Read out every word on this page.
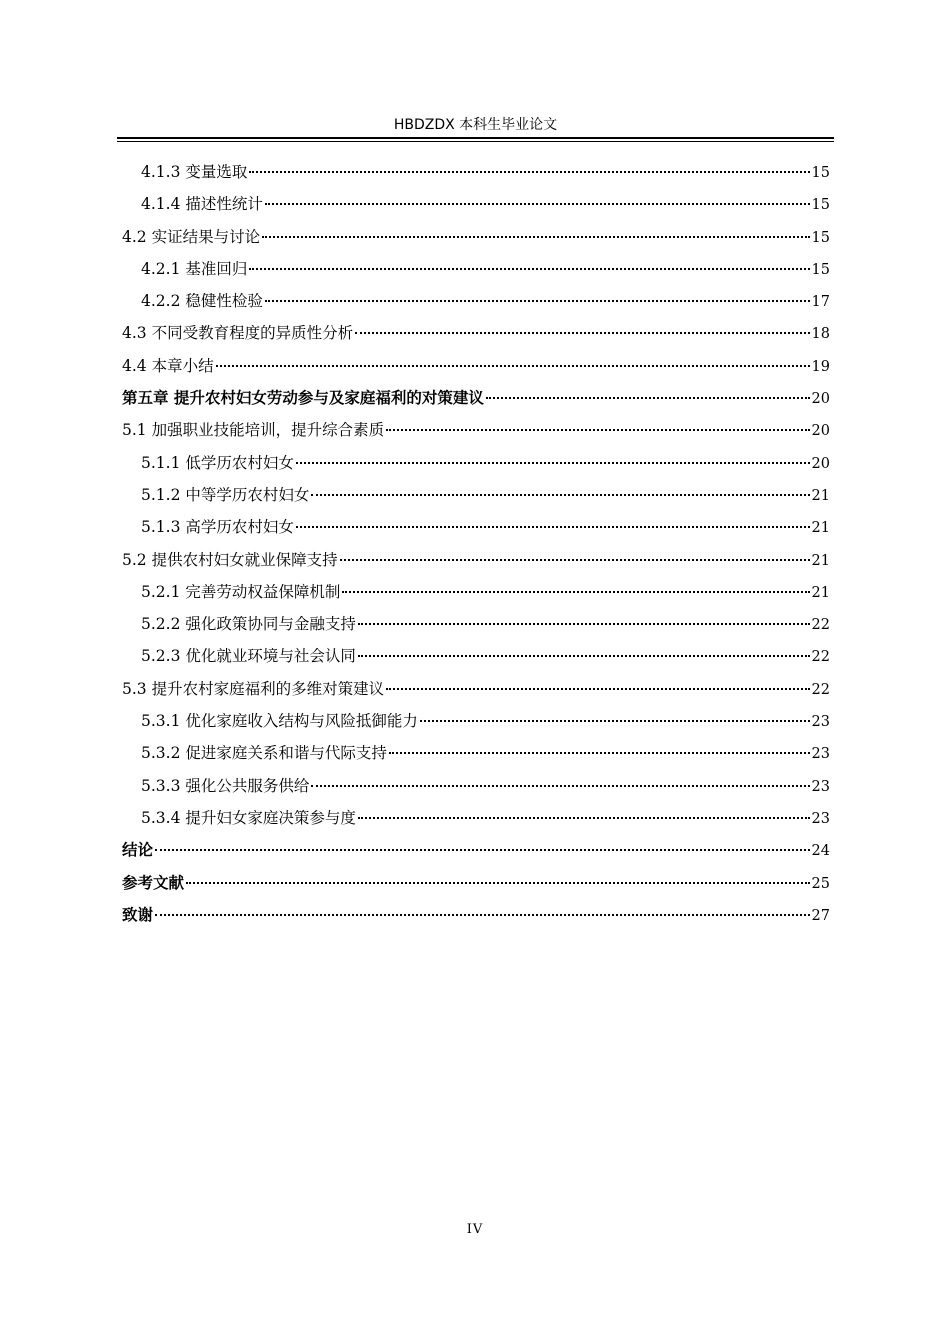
HBDZDX 本科生毕业论文
4.1.3 变量选取	15
4.1.4 描述性统计	15
4.2 实证结果与讨论	15
4.2.1 基准回归	15
4.2.2 稳健性检验	17
4.3 不同受教育程度的异质性分析	18
4.4 本章小结	19
第五章 提升农村妇女劳动参与及家庭福利的对策建议	20
5.1 加强职业技能培训，提升综合素质	20
5.1.1 低学历农村妇女	20
5.1.2 中等学历农村妇女	21
5.1.3 高学历农村妇女	21
5.2 提供农村妇女就业保障支持	21
5.2.1 完善劳动权益保障机制	21
5.2.2 强化政策协同与金融支持	22
5.2.3 优化就业环境与社会认同	22
5.3 提升农村家庭福利的多维对策建议	22
5.3.1 优化家庭收入结构与风险抵御能力	23
5.3.2 促进家庭关系和谐与代际支持	23
5.3.3 强化公共服务供给	23
5.3.4 提升妇女家庭决策参与度	23
结论	24
参考文献	25
致谢	27
IV
